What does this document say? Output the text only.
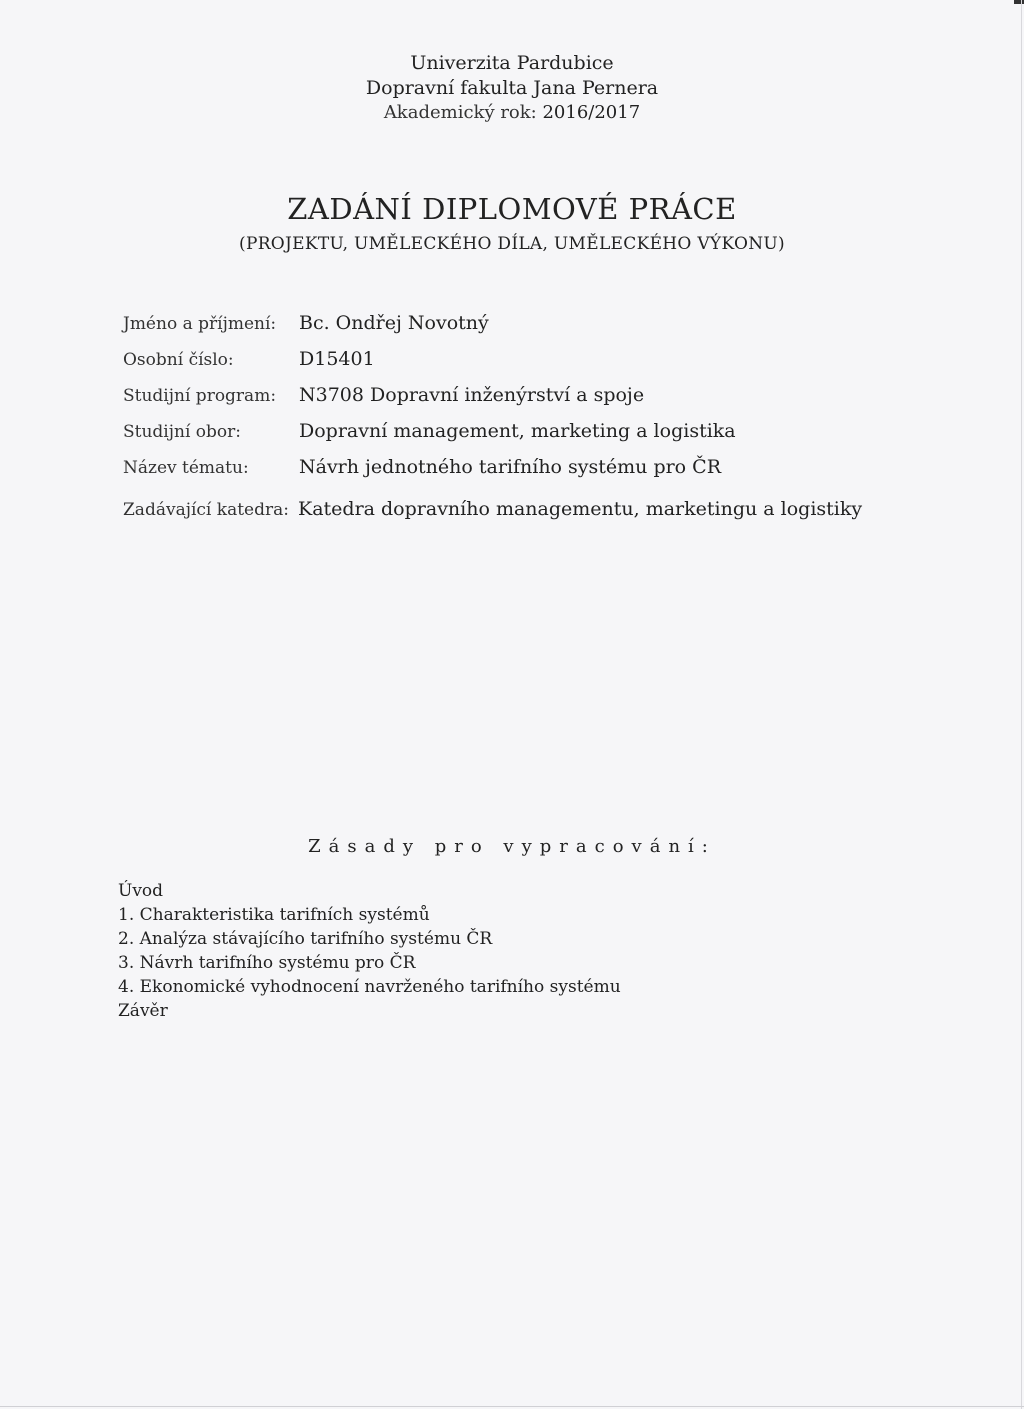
Univerzita Pardubice
Dopravní fakulta Jana Pernera
Akademický rok: 2016/2017
ZADÁNÍ DIPLOMOVÉ PRÁCE
(PROJEKTU, UMĚLECKÉHO DÍLA, UMĚLECKÉHO VÝKONU)
Jméno a příjmení: Bc. Ondřej Novotný
Osobní číslo:	D15401
Studijní program: N3708 Dopravní inženýrství a spoje
Studijní obor:	Dopravní management, marketing a logistika
Název tématu:	Návrh jednotného tarifního systému pro ČR
Zadávající katedra: Katedra dopravního managementu, marketingu a logistiky
Zásady pro vypracování:
Úvod
1. Charakteristika tarifních systémů
2. Analýza stávajícího tarifního systému ČR
3. Návrh tarifního systému pro ČR
4. Ekonomické vyhodnocení navrženého tarifního systému
Závěr
